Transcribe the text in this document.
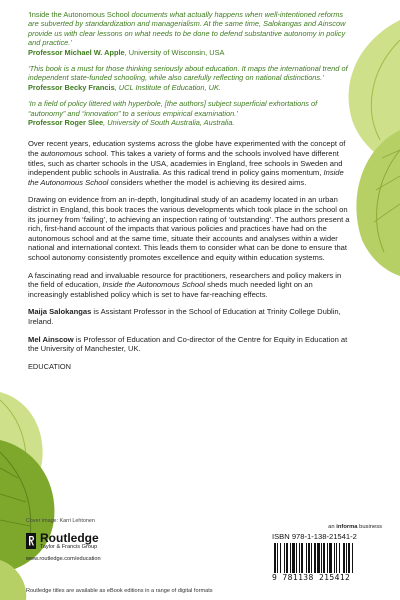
‘Inside the Autonomous School documents what actually happens when well-intentioned reforms are subverted by standardization and managerialism. At the same time, Salokangas and Ainscow provide us with clear lessons on what needs to be done to defend substantive autonomy in policy and practice.’
Professor Michael W. Apple, University of Wisconsin, USA
‘This book is a must for those thinking seriously about education. It maps the international trend of independent state-funded schooling, while also carefully reflecting on national distinctions.’
Professor Becky Francis, UCL Institute of Education, UK.
‘In a field of policy littered with hyperbole, [the authors] subject superficial exhortations of “autonomy” and “innovation” to a serious empirical examination.’
Professor Roger Slee, University of South Australia, Australia.

Over recent years, education systems across the globe have experimented with the concept of the autonomous school. This takes a variety of forms and the schools involved have different titles, such as charter schools in the USA, academies in England, free schools in Sweden and independent public schools in Australia. As this radical trend in policy gains momentum, Inside the Autonomous School considers whether the model is achieving its desired aims.

Drawing on evidence from an in-depth, longitudinal study of an academy located in an urban district in England, this book traces the various developments which took place in the school on its journey from ‘failing’, to achieving an inspection rating of ‘outstanding’. The authors present a rich, first-hand account of the impacts that various policies and practices have had on the autonomous school and at the same time, situate their accounts and analyses within a wider national and international context. This leads them to consider what can be done to ensure that school autonomy consistently promotes excellence and equity within education systems.

A fascinating read and invaluable resource for practitioners, researchers and policy makers in the field of education, Inside the Autonomous School sheds much needed light on an increasingly established policy which is set to have far-reaching effects.

Maija Salokangas is Assistant Professor in the School of Education at Trinity College Dublin, Ireland.

Mel Ainscow is Professor of Education and Co-director of the Centre for Equity in Education at the University of Manchester, UK.

EDUCATION
Cover image: Karri Lehtonen
Routledge
Taylor & Francis Group
www.routledge.com/education
Routledge titles are available as eBook editions in a range of digital formats
an informa business
ISBN 978-1-138-21541-2
9 781138 215412
